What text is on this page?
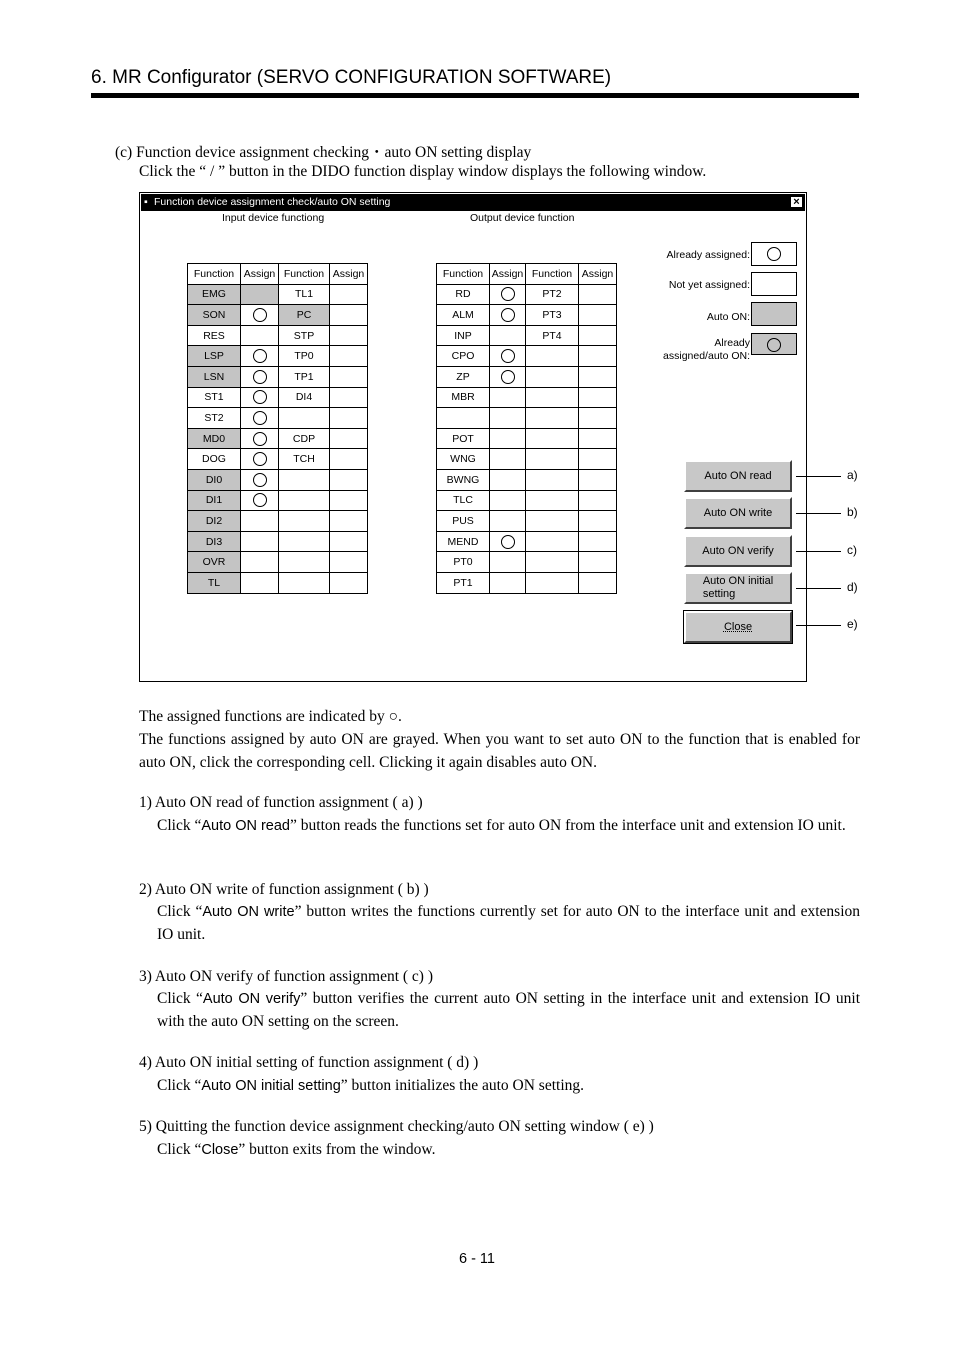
6. MR Configurator (SERVO CONFIGURATION SOFTWARE)
(c) Function device assignment checking・auto ON setting display
Click the “ / ” button in the DIDO function display window displays the following window.
▪ Function device assignment check/auto ON setting	×
Input device functiong	Output device function
Function	Assign	Function	Assign
EMG		TL1	
SON		PC	
RES		STP	
LSP		TP0	
LSN		TP1	
ST1		DI4	
ST2			
MD0		CDP	
DOG		TCH	
DI0			
DI1			
DI2			
DI3			
OVR			
TL			
Function	Assign	Function	Assign
RD		PT2	
ALM		PT3	
INP		PT4	
CPO			
ZP			
MBR			

POT			
WNG			
BWNG			
TLC			
PUS			
MEND			
PT0			
PT1			
Already assigned:
Not yet assigned:
Auto ON:
Already
assigned/auto ON:
Auto ON read
Auto ON write
Auto ON verify
Auto ON initial
setting
Close
a)
b)
c)
d)
e)
The assigned functions are indicated by ○.
The functions assigned by auto ON are grayed. When you want to set auto ON to the function that is enabled for auto ON, click the corresponding cell. Clicking it again disables auto ON.
1) Auto ON read of function assignment ( a) )
Click “Auto ON read” button reads the functions set for auto ON from the interface unit and extension IO unit.
2) Auto ON write of function assignment ( b) )
Click “Auto ON write” button writes the functions currently set for auto ON to the interface unit and extension IO unit.
3) Auto ON verify of function assignment ( c) )
Click “Auto ON verify” button verifies the current auto ON setting in the interface unit and extension IO unit with the auto ON setting on the screen.
4) Auto ON initial setting of function assignment ( d) )
Click “Auto ON initial setting” button initializes the auto ON setting.
5) Quitting the function device assignment checking/auto ON setting window ( e) )
Click “Close” button exits from the window.
6 - 11
